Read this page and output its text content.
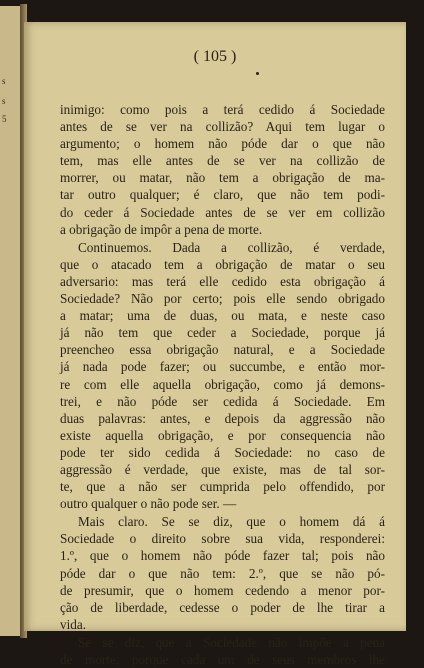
s
s
5
( 105 )
inimigo: como pois a terá cedido á Sociedade
antes de se ver na collizão? Aqui tem lugar o
argumento; o homem não póde dar o que não
tem, mas elle antes de se ver na collizão de
morrer, ou matar, não tem a obrigação de ma-
tar outro qualquer; é claro, que não tem podi-
do ceder á Sociedade antes de se ver em collizão
a obrigação de impôr a pena de morte.
Continuemos. Dada a collizão, é verdade,
que o atacado tem a obrigação de matar o seu
adversario: mas terá elle cedido esta obrigação á
Sociedade? Não por certo; pois elle sendo obrigado
a matar; uma de duas, ou mata, e neste caso
já não tem que ceder a Sociedade, porque já
preencheo essa obrigação natural, e a Sociedade
já nada pode fazer; ou succumbe, e então mor-
re com elle aquella obrigação, como já demons-
trei, e não póde ser cedida á Sociedade. Em
duas palavras: antes, e depois da aggressão não
existe aquella obrigação, e por consequencia não
pode ter sido cedida á Sociedade: no caso de
aggressão é verdade, que existe, mas de tal sor-
te, que a não ser cumprida pelo offendido, por
outro qualquer o não pode ser. —
Mais claro. Se se diz, que o homem dá á
Sociedade o direito sobre sua vida, responderei:
1.º, que o homem não póde fazer tal; pois não
póde dar o que não tem: 2.º, que se não pó-
de presumir, que o homem cedendo a menor por-
ção de liberdade, cedesse o poder de lhe tirar a
vida.
Se se diz, que a Sociedade não impõe a pena
de morte; porque cada um de seus membros lhe
